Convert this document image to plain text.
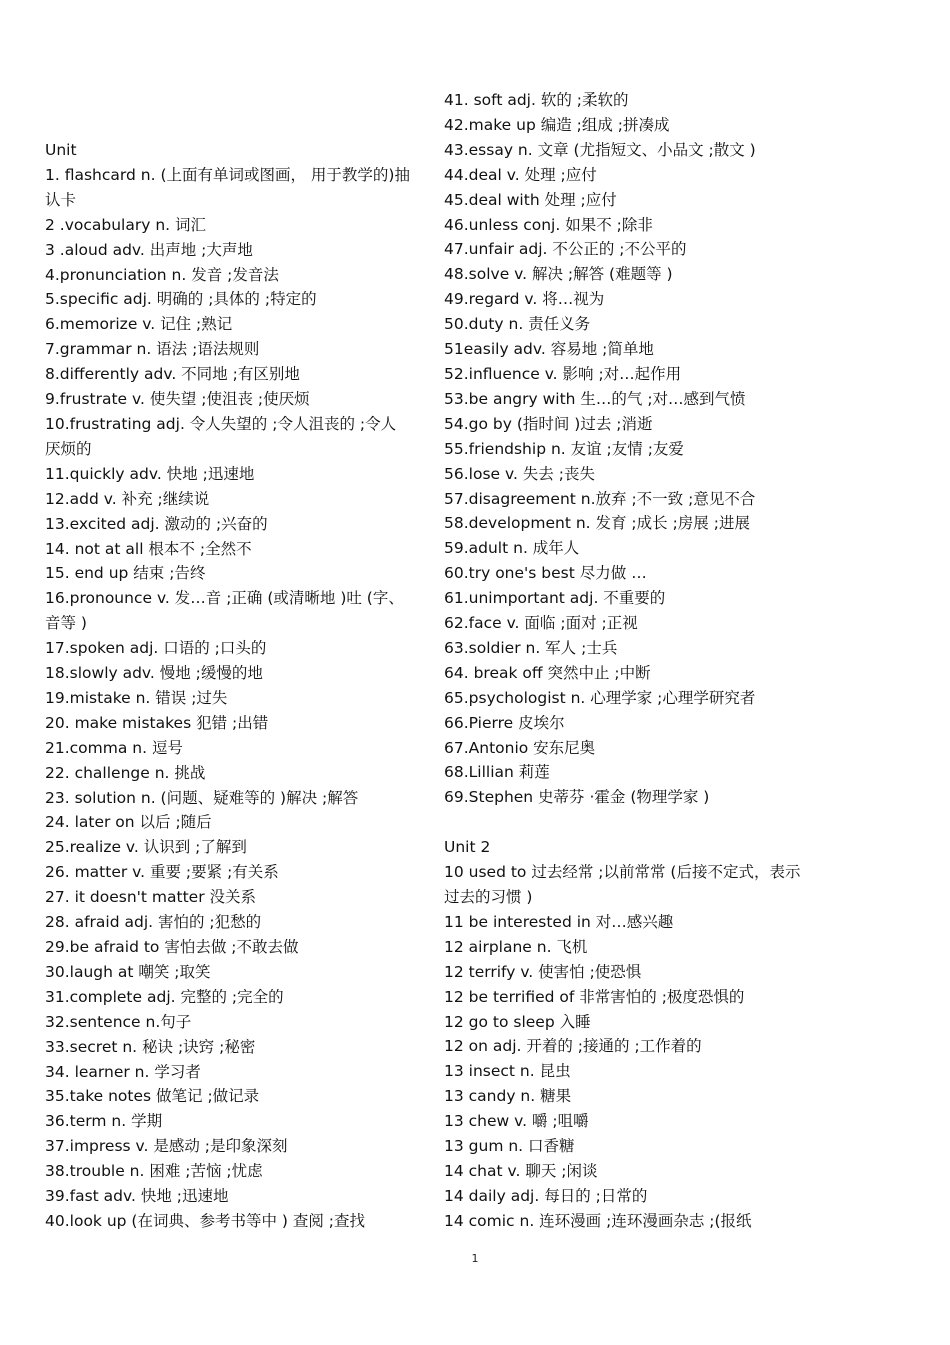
Unit
1. flashcard n. (上面有单词或图画， 用于教学的)抽认卡
2 .vocabulary n. 词汇
3 .aloud adv. 出声地 ;大声地
4.pronunciation n. 发音 ;发音法
5.specific adj. 明确的 ;具体的 ;特定的
6.memorize v. 记住 ;熟记
7.grammar n. 语法 ;语法规则
8.differently adv. 不同地 ;有区别地
9.frustrate v. 使失望 ;使沮丧 ;使厌烦
10.frustrating adj. 令人失望的 ;令人沮丧的 ;令人厌烦的
11.quickly adv. 快地 ;迅速地
12.add v. 补充 ;继续说
13.excited adj. 激动的 ;兴奋的
14. not at all 根本不 ;全然不
15. end up 结束 ;告终
16.pronounce v. 发…音 ;正确 (或清晰地 )吐 (字、音等 )
17.spoken adj. 口语的 ;口头的
18.slowly adv. 慢地 ;缓慢的地
19.mistake n. 错误 ;过失
20. make mistakes 犯错 ;出错
21.comma n. 逗号
22. challenge n. 挑战
23. solution n. (问题、疑难等的 )解决 ;解答
24. later on 以后 ;随后
25.realize v. 认识到 ;了解到
26. matter v. 重要 ;要紧 ;有关系
27. it doesn't matter 没关系
28. afraid adj. 害怕的 ;犯愁的
29.be afraid to 害怕去做 ;不敢去做
30.laugh at 嘲笑 ;取笑
31.complete adj. 完整的 ;完全的
32.sentence n.句子
33.secret n. 秘诀 ;诀窍 ;秘密
34. learner n. 学习者
35.take notes 做笔记 ;做记录
36.term n. 学期
37.impress v. 是感动 ;是印象深刻
38.trouble n. 困难 ;苦恼 ;忧虑
39.fast adv. 快地 ;迅速地
40.look up (在词典、参考书等中 ) 查阅 ;查找
41. soft adj. 软的 ;柔软的
42.make up 编造 ;组成 ;拼凑成
43.essay n. 文章 (尤指短文、小品文 ;散文 )
44.deal v. 处理 ;应付
45.deal with 处理 ;应付
46.unless conj. 如果不 ;除非
47.unfair adj. 不公正的 ;不公平的
48.solve v. 解决 ;解答 (难题等 )
49.regard v. 将…视为
50.duty n. 责任义务
51easily adv. 容易地 ;简单地
52.influence v. 影响 ;对…起作用
53.be angry with 生…的气 ;对…感到气愤
54.go by (指时间 )过去 ;消逝
55.friendship n. 友谊 ;友情 ;友爱
56.lose v. 失去 ;丧失
57.disagreement n.放弃 ;不一致 ;意见不合
58.development n. 发育 ;成长 ;房展 ;进展
59.adult n. 成年人
60.try one's best 尽力做 …
61.unimportant adj. 不重要的
62.face v. 面临 ;面对 ;正视
63.soldier n. 军人 ;士兵
64. break off 突然中止 ;中断
65.psychologist n. 心理学家 ;心理学研究者
66.Pierre 皮埃尔
67.Antonio 安东尼奥
68.Lillian 莉莲
69.Stephen 史蒂芬 ·霍金 (物理学家 )
Unit 2
10 used to 过去经常 ;以前常常 (后接不定式，表示过去的习惯 )
11 be interested in 对…感兴趣
12 airplane n. 飞机
12 terrify v. 使害怕 ;使恐惧
12 be terrified of 非常害怕的 ;极度恐惧的
12 go to sleep 入睡
12 on adj. 开着的 ;接通的 ;工作着的
13 insect n. 昆虫
13 candy n. 糖果
13 chew v. 嚼 ;咀嚼
13 gum n. 口香糖
14 chat v. 聊天 ;闲谈
14 daily adj. 每日的 ;日常的
14 comic n. 连环漫画 ;连环漫画杂志 ;(报纸
1
